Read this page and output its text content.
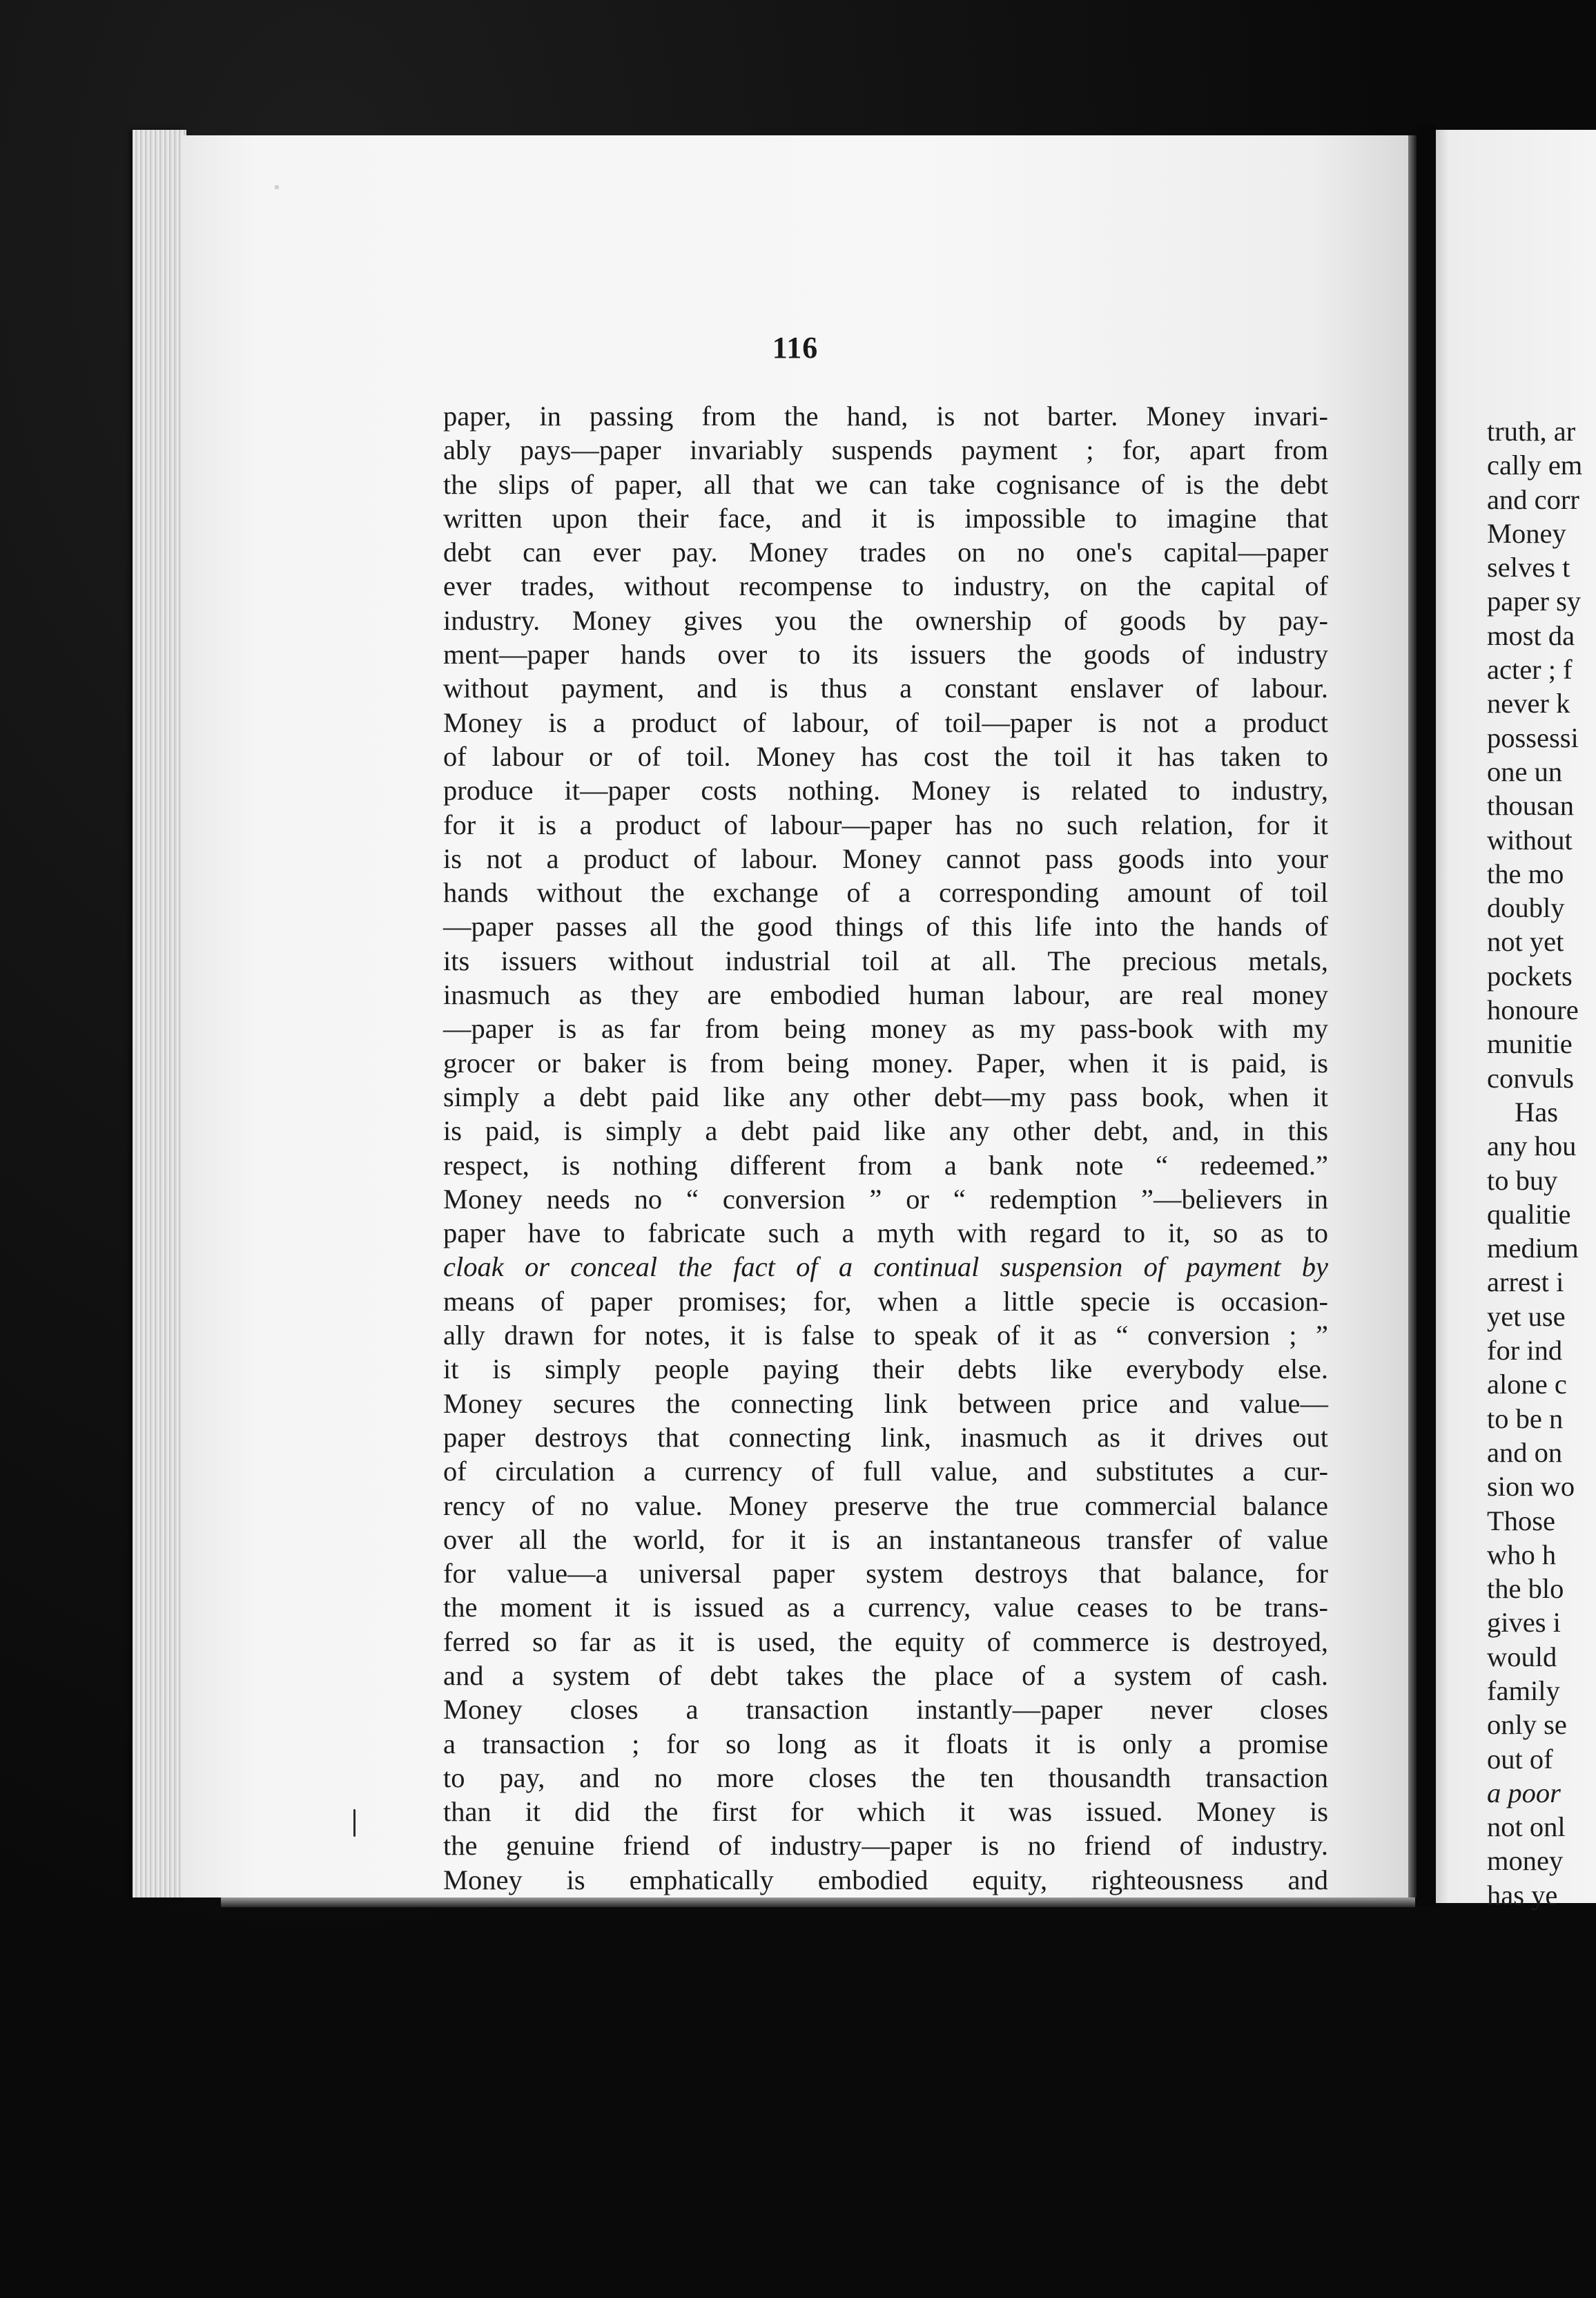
116
paper, in passing from the hand, is not barter. Money invari-
ably pays—paper invariably suspends payment ; for, apart from
the slips of paper, all that we can take cognisance of is the debt
written upon their face, and it is impossible to imagine that
debt can ever pay. Money trades on no one's capital—paper
ever trades, without recompense to industry, on the capital of
industry. Money gives you the ownership of goods by pay-
ment—paper hands over to its issuers the goods of industry
without payment, and is thus a constant enslaver of labour.
Money is a product of labour, of toil—paper is not a product
of labour or of toil. Money has cost the toil it has taken to
produce it—paper costs nothing. Money is related to industry,
for it is a product of labour—paper has no such relation, for it
is not a product of labour. Money cannot pass goods into your
hands without the exchange of a corresponding amount of toil
—paper passes all the good things of this life into the hands of
its issuers without industrial toil at all. The precious metals,
inasmuch as they are embodied human labour, are real money
—paper is as far from being money as my pass-book with my
grocer or baker is from being money. Paper, when it is paid, is
simply a debt paid like any other debt—my pass book, when it
is paid, is simply a debt paid like any other debt, and, in this
respect, is nothing different from a bank note “ redeemed.”
Money needs no “ conversion ” or “ redemption ”—believers in
paper have to fabricate such a myth with regard to it, so as to
cloak or conceal the fact of a continual suspension of payment by
means of paper promises; for, when a little specie is occasion-
ally drawn for notes, it is false to speak of it as “ conversion ; ”
it is simply people paying their debts like everybody else.
Money secures the connecting link between price and value—
paper destroys that connecting link, inasmuch as it drives out
of circulation a currency of full value, and substitutes a cur-
rency of no value. Money preserve the true commercial balance
over all the world, for it is an instantaneous transfer of value
for value—a universal paper system destroys that balance, for
the moment it is issued as a currency, value ceases to be trans-
ferred so far as it is used, the equity of commerce is destroyed,
and a system of debt takes the place of a system of cash.
Money closes a transaction instantly—paper never closes
a transaction ; for so long as it floats it is only a promise
to pay, and no more closes the ten thousandth transaction
than it did the first for which it was issued. Money is
the genuine friend of industry—paper is no friend of industry.
Money is emphatically embodied equity, righteousness and
truth, ar
cally em
and corr
Money
selves t
paper sy
most da
acter ; f
never k
possessi
one un
thousan
without
the mo
doubly
not yet
pockets
honoure
munitie
convuls
Has
any hou
to buy
qualitie
medium
arrest i
yet use
for ind
alone c
to be n
and on
sion wo
Those
who h
the blo
gives i
would
family
only se
out of
a poor
not onl
money
has ye
